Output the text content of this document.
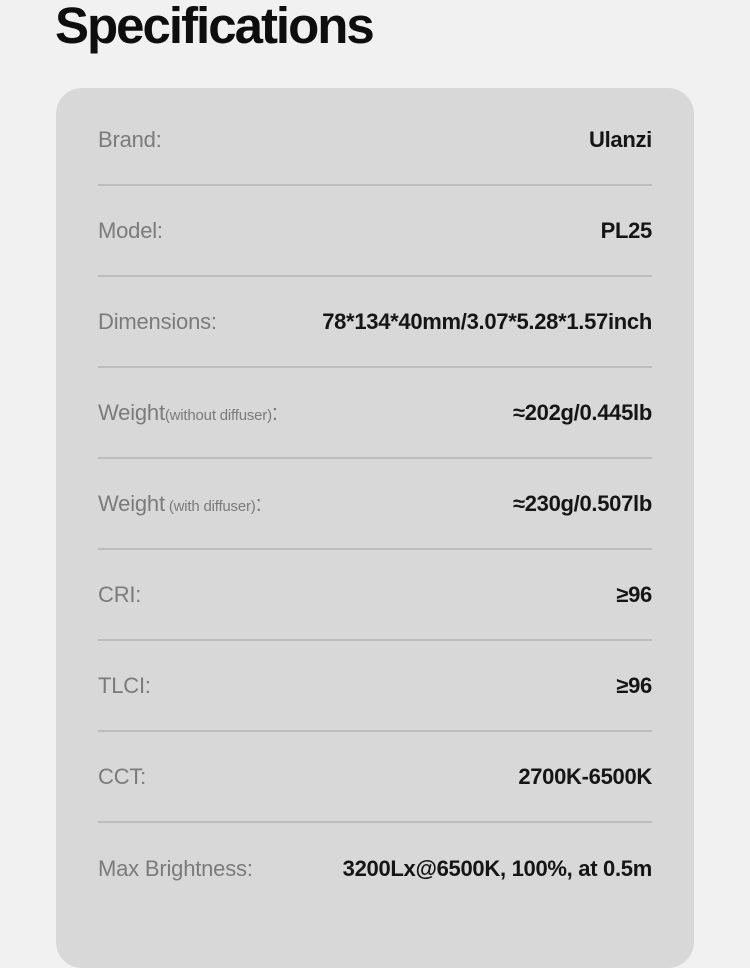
Specifications
Brand:	Ulanzi
Model:	PL25
Dimensions:	78*134*40mm/3.07*5.28*1.57inch
Weight(without diffuser):	≈202g/0.445lb
Weight (with diffuser):	≈230g/0.507lb
CRI:	≥96
TLCI:	≥96
CCT:	2700K-6500K
Max Brightness:	3200Lx@6500K, 100%, at 0.5m
